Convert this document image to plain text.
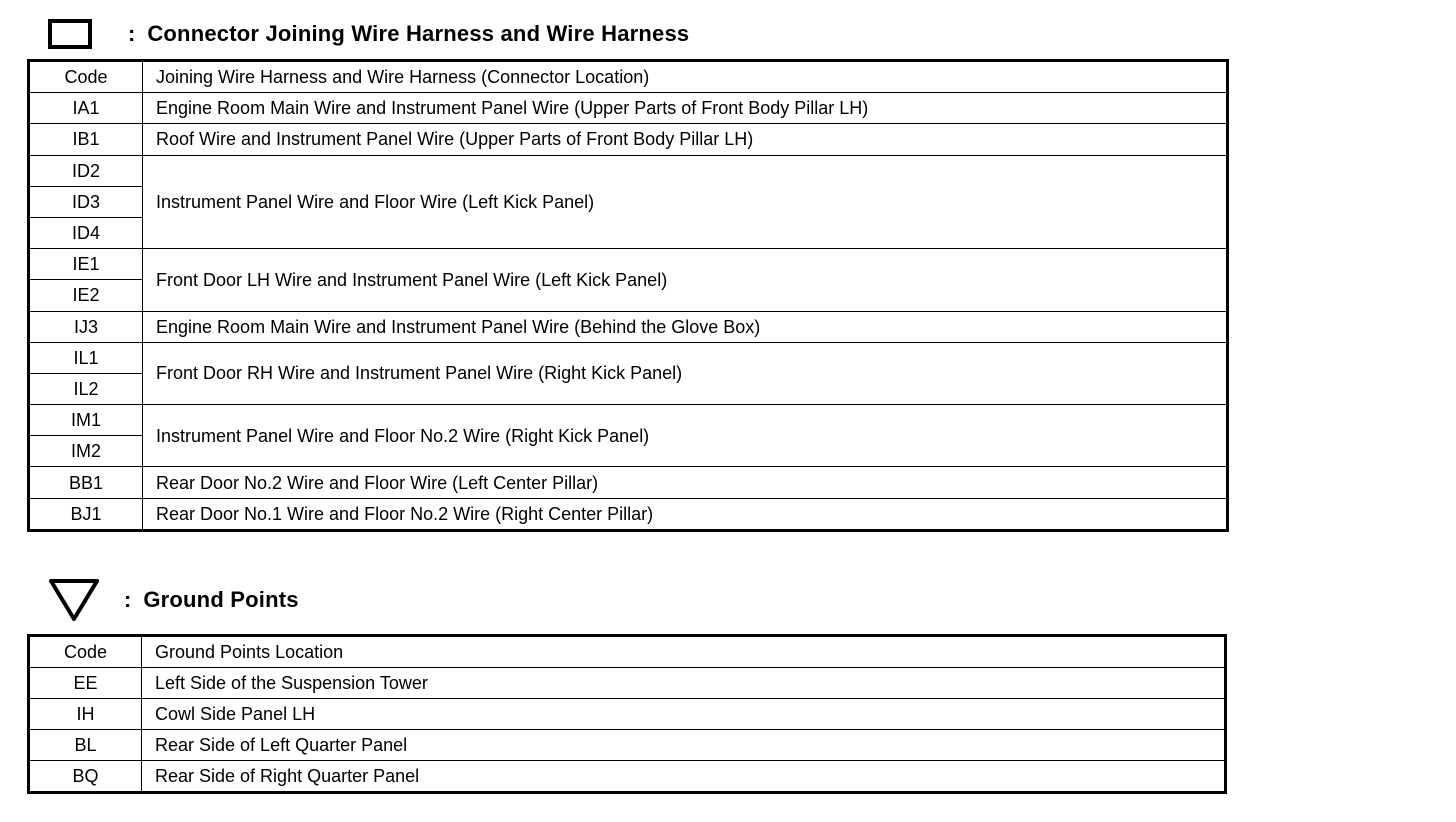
: Connector Joining Wire Harness and Wire Harness
Code	Joining Wire Harness and Wire Harness (Connector Location)
IA1	Engine Room Main Wire and Instrument Panel Wire (Upper Parts of Front Body Pillar LH)
IB1	Roof Wire and Instrument Panel Wire (Upper Parts of Front Body Pillar LH)
ID2	Instrument Panel Wire and Floor Wire (Left Kick Panel)
ID3	
ID4	
IE1	Front Door LH Wire and Instrument Panel Wire (Left Kick Panel)
IE2	
IJ3	Engine Room Main Wire and Instrument Panel Wire (Behind the Glove Box)
IL1	Front Door RH Wire and Instrument Panel Wire (Right Kick Panel)
IL2	
IM1	Instrument Panel Wire and Floor No.2 Wire (Right Kick Panel)
IM2	
BB1	Rear Door No.2 Wire and Floor Wire (Left Center Pillar)
BJ1	Rear Door No.1 Wire and Floor No.2 Wire (Right Center Pillar)
: Ground Points
Code	Ground Points Location
EE	Left Side of the Suspension Tower
IH	Cowl Side Panel LH
BL	Rear Side of Left Quarter Panel
BQ	Rear Side of Right Quarter Panel
